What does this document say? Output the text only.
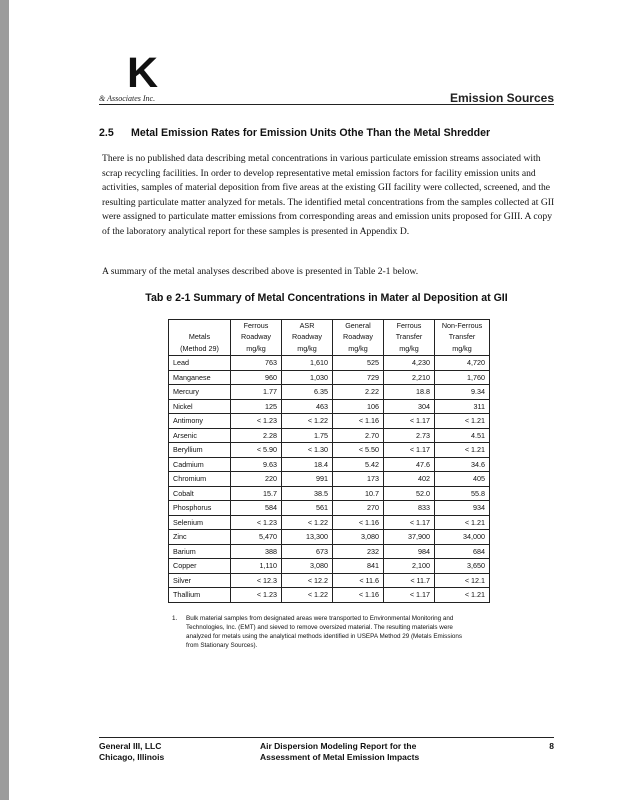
K
& Associates Inc.	Emission Sources
2.5 Metal Emission Rates for Emission Units Othe Than the Metal Shredder

There is no published data describing metal concentrations in various particulate emission streams associated with scrap recycling facilities. In order to develop representative metal emission factors for facility emission units and activities, samples of material deposition from five areas at the existing GII facility were collected, screened, and the resulting particulate matter analyzed for metals. The identified metal concentrations from the samples collected at GII were assigned to particulate matter emissions from corresponding areas and emission units proposed for GIII. A copy of the laboratory analytical report for these samples is presented in Appendix D.

A summary of the metal analyses described above is presented in Table 2-1 below.

Tab e 2-1 Summary of Metal Concentrations in Mater al Deposition at GII
Metals	Ferrous Roadway	ASR Roadway	General Roadway	Ferrous Transfer	Non-Ferrous Transfer
(Method 29)	mg/kg	mg/kg	mg/kg	mg/kg	mg/kg
Lead	763	1,610	525	4,230	4,720
Manganese	960	1,030	729	2,210	1,760
Mercury	1.77	6.35	2.22	18.8	9.34
Nickel	125	463	106	304	311
Antimony	< 1.23	< 1.22	< 1.16	< 1.17	< 1.21
Arsenic	2.28	1.75	2.70	2.73	4.51
Beryllium	< 5.90	< 1.30	< 5.50	< 1.17	< 1.21
Cadmium	9.63	18.4	5.42	47.6	34.6
Chromium	220	991	173	402	405
Cobalt	15.7	38.5	10.7	52.0	55.8
Phosphorus	584	561	270	833	934
Selenium	< 1.23	< 1.22	< 1.16	< 1.17	< 1.21
Zinc	5,470	13,300	3,080	37,900	34,000
Barium	388	673	232	984	684
Copper	1,110	3,080	841	2,100	3,650
Silver	< 12.3	< 12.2	< 11.6	< 11.7	< 12.1
Thallium	< 1.23	< 1.22	< 1.16	< 1.17	< 1.21
1. Bulk material samples from designated areas were transported to Environmental Monitoring and Technologies, Inc. (EMT) and sieved to remove oversized material. The resulting materials were analyzed for metals using the analytical methods identified in USEPA Method 29 (Metals Emissions from Stationary Sources).
General III, LLC
Chicago, Illinois
Air Dispersion Modeling Report for the
Assessment of Metal Emission Impacts
8
